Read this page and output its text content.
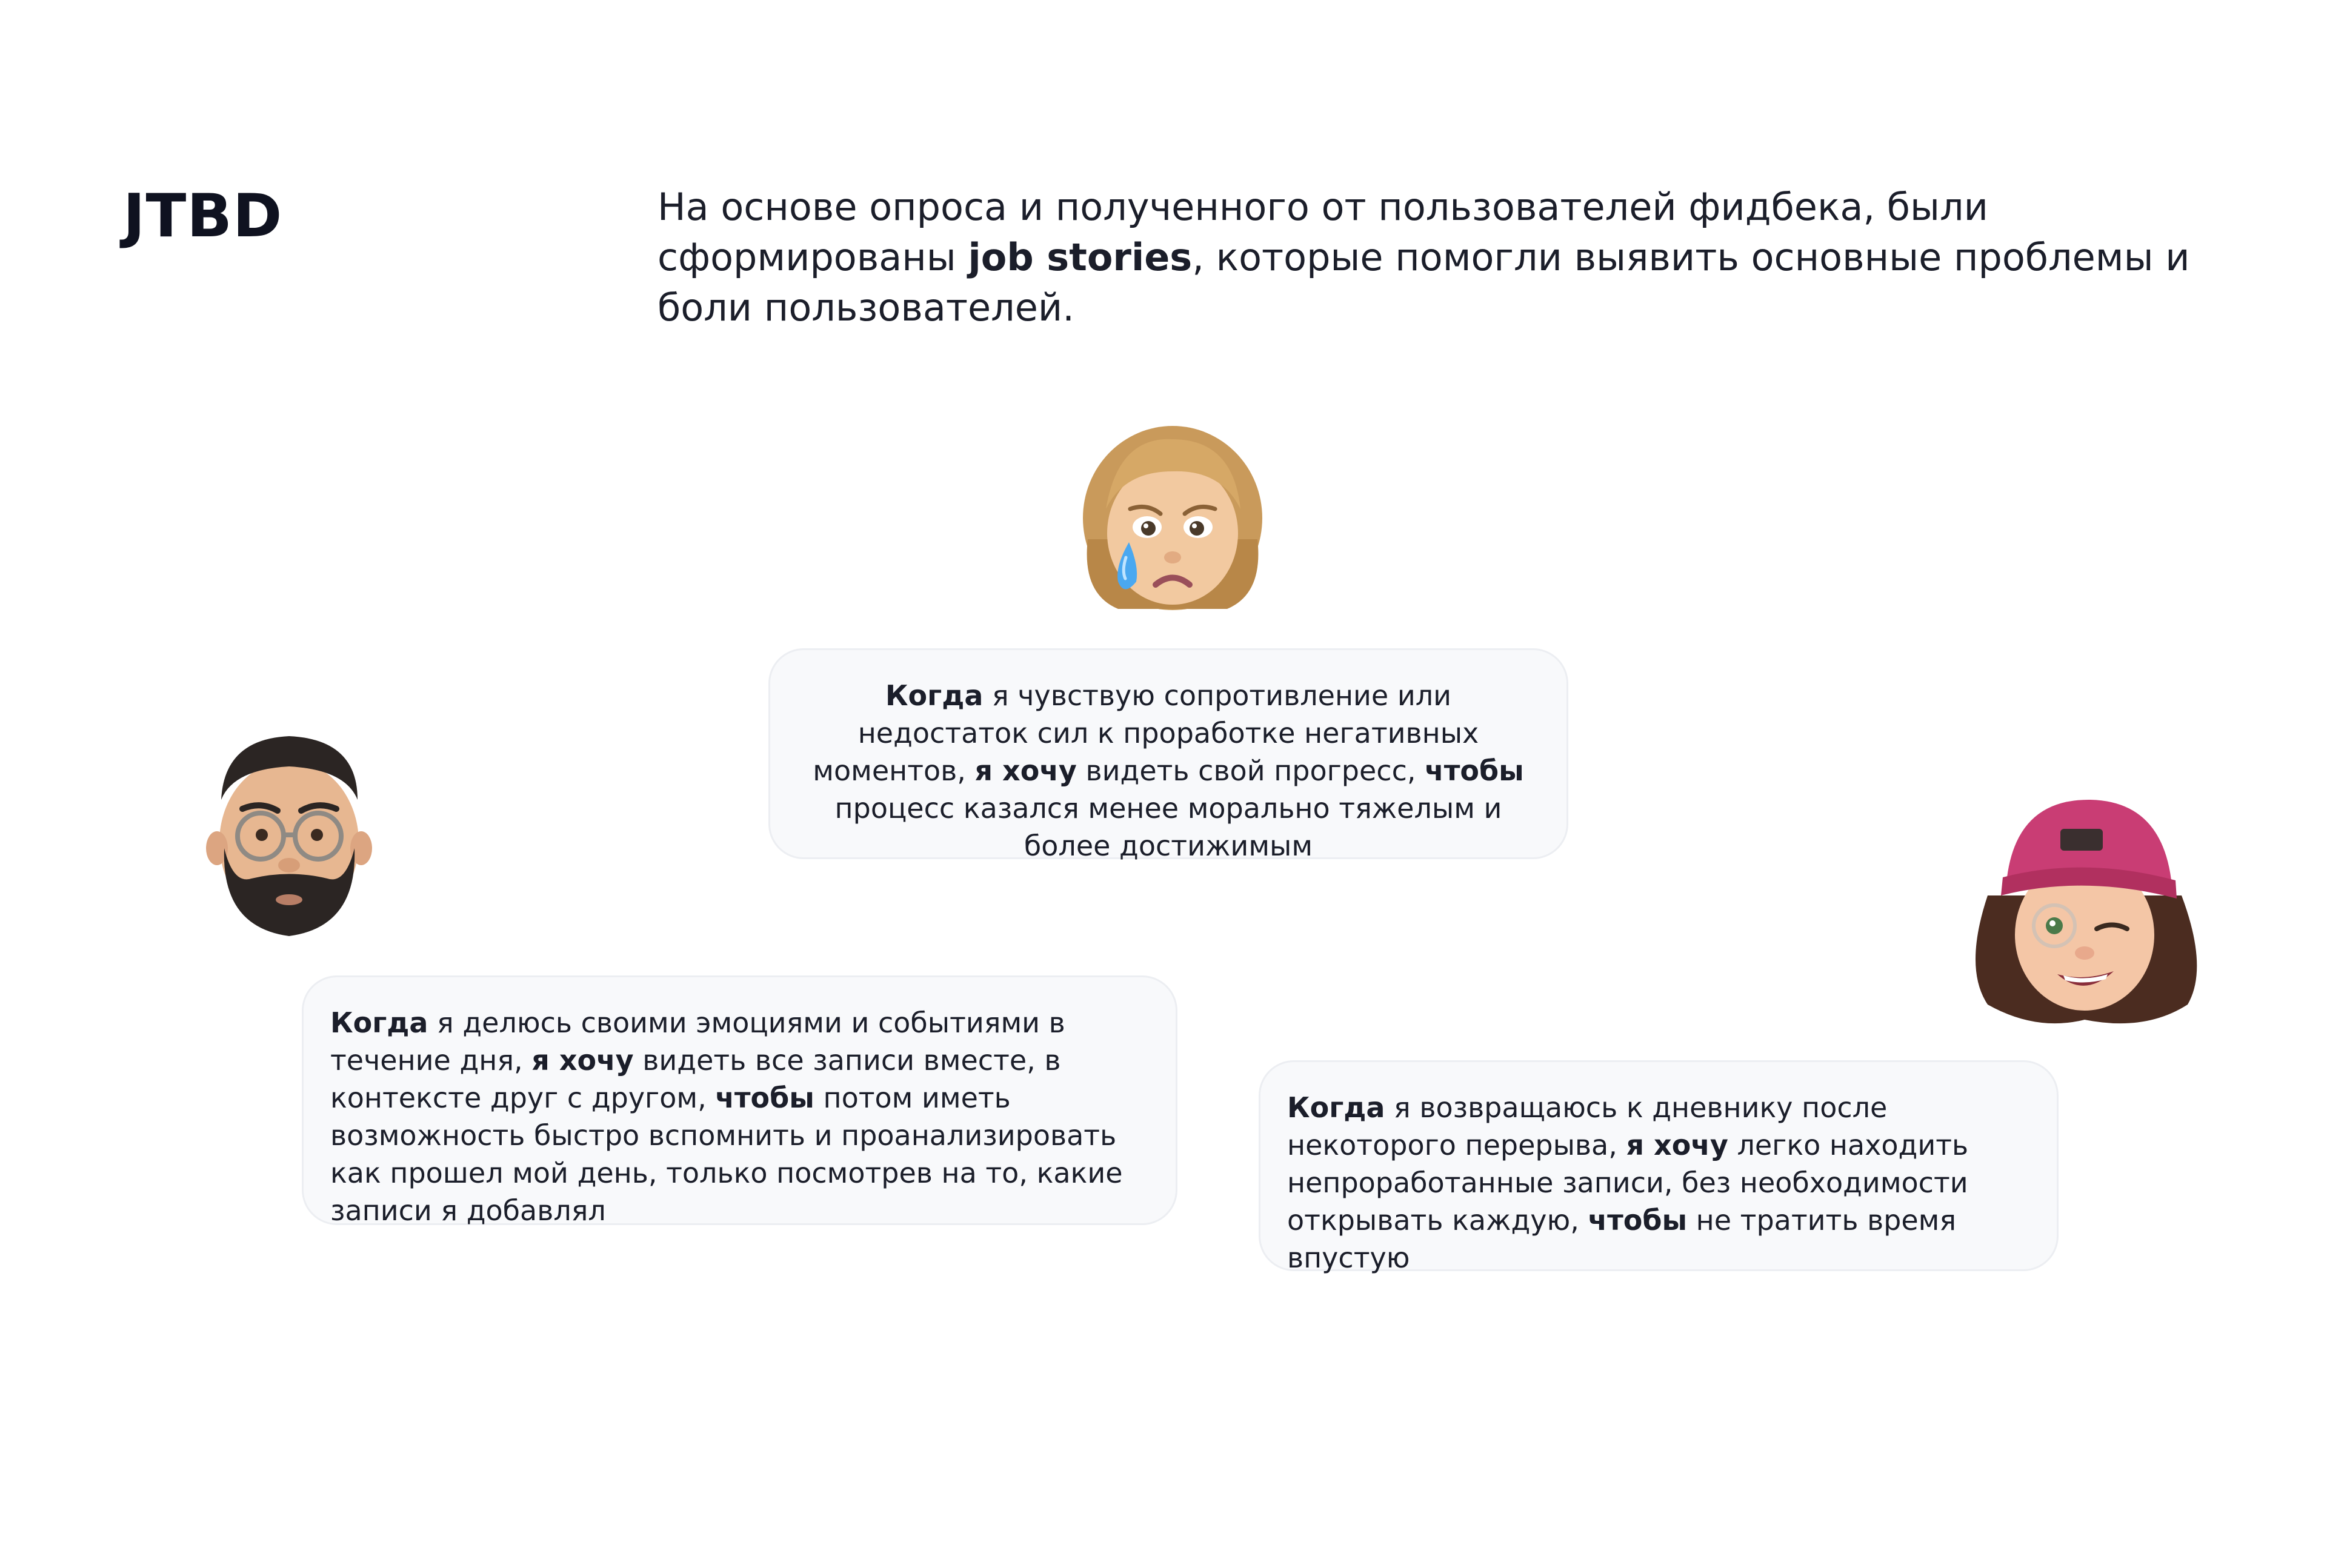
JTBD	На основе опроса и полученного от пользователей фидбека, были сформированы job stories, которые помогли выявить основные проблемы и боли пользователей.

Когда я чувствую сопротивление или недостаток сил к проработке негативных моментов, я хочу видеть свой прогресс, чтобы процесс казался менее морально тяжелым и более достижимым

Когда я делюсь своими эмоциями и событиями в течение дня, я хочу видеть все записи вместе, в контексте друг с другом, чтобы потом иметь возможность быстро вспомнить и проанализировать как прошел мой день, только посмотрев на то, какие записи я добавлял

Когда я возвращаюсь к дневнику после некоторого перерыва, я хочу легко находить непроработанные записи, без необходимости открывать каждую, чтобы не тратить время впустую
